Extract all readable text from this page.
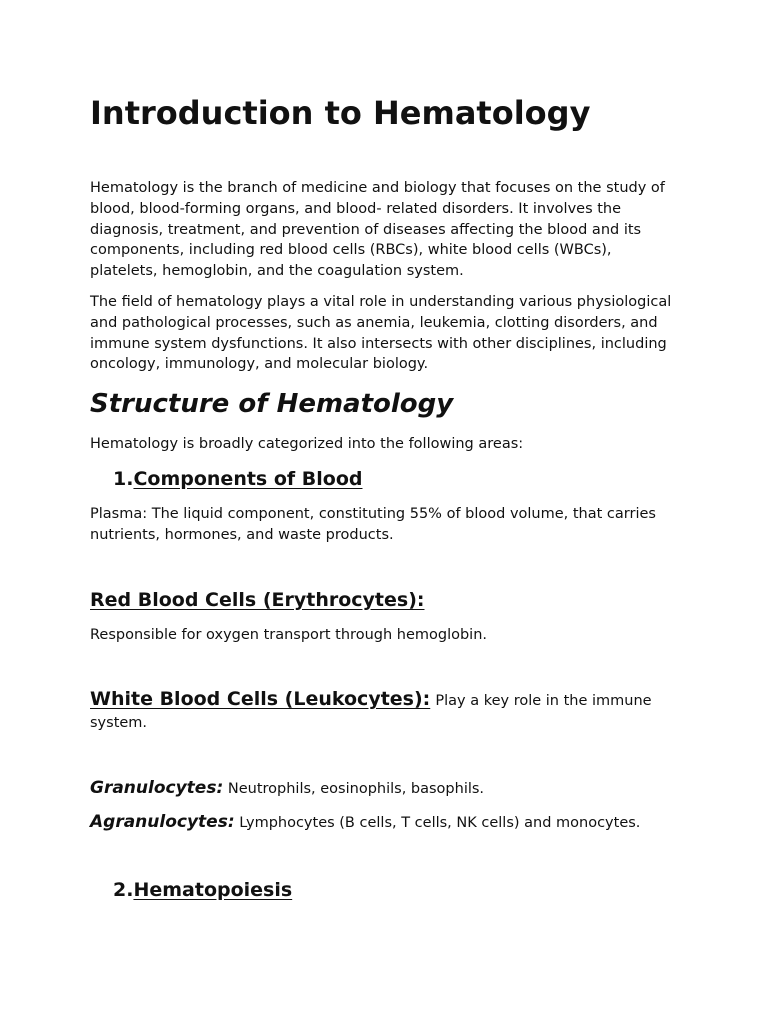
Introduction to Hematology

Hematology is the branch of medicine and biology that focuses on the study of blood, blood-forming organs, and blood- related disorders. It involves the diagnosis, treatment, and prevention of diseases affecting the blood and its components, including red blood cells (RBCs), white blood cells (WBCs), platelets, hemoglobin, and the coagulation system.

The field of hematology plays a vital role in understanding various physiological and pathological processes, such as anemia, leukemia, clotting disorders, and immune system dysfunctions. It also intersects with other disciplines, including oncology, immunology, and molecular biology.

Structure of Hematology

Hematology is broadly categorized into the following areas:

1.Components of Blood

Plasma: The liquid component, constituting 55% of blood volume, that carries nutrients, hormones, and waste products.

Red Blood Cells (Erythrocytes):

Responsible for oxygen transport through hemoglobin.

White Blood Cells (Leukocytes): Play a key role in the immune system.
Granulocytes: Neutrophils, eosinophils, basophils.
Agranulocytes: Lymphocytes (B cells, T cells, NK cells) and monocytes.
2.Hematopoiesis
